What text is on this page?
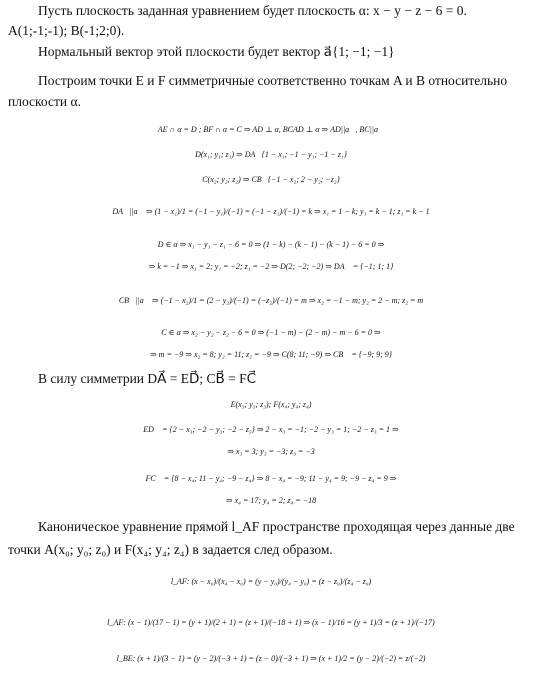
Пусть плоскость заданная уравнением будет плоскость α: x − y − z − 6 = 0.
A(1;-1;-1); B(-1;2;0).
Нормальный вектор этой плоскости будет вектор a⃗{1; −1; −1}
Построим точки E и F симметричные соответственно точкам A и B относительно
плоскости α.
AE ∩ α = D ; BF ∩ α = C ⇒ AD ⊥ α, BCAD ⊥ α ⇒ AD||a⃗, BC||a⃗
D(x₁; y₁; z₁) ⇒ DA⃗{1 − x₁; −1 − y₁; −1 − z₁}
C(x₂; y₂; z₂) ⇒ CB⃗{−1 − x₂; 2 − y₂; −z₂}
DA⃗||a⃗ ⇒ (1 − x₁)/1 = (−1 − y₁)/(−1) = (−1 − z₁)/(−1) = k ⇒ x₁ = 1 − k; y₁ = k − 1; z₁ = k − 1
D ∈ α ⇒ x₁ − y₁ − z₁ − 6 = 0 ⇒ (1 − k) − (k − 1) − (k − 1) − 6 = 0 ⇒
⇒ k = −1 ⇒ x₁ = 2; y₁ = −2; z₁ = −2 ⇒ D(2; −2; −2) ⇒ DA⃗ = {−1; 1; 1}
CB⃗||a⃗ ⇒ (−1 − x₂)/1 = (2 − y₂)/(−1) = (−z₂)/(−1) = m ⇒ x₂ = −1 − m; y₂ = 2 − m; z₂ = m
C ∈ α ⇒ x₂ − y₂ − z₂ − 6 = 0 ⇒ (−1 − m) − (2 − m) − m − 6 = 0 ⇒
⇒ m = −9 ⇒ x₂ = 8; y₂ = 11; z₂ = −9 ⇒ C(8; 11; −9) ⇒ CB⃗ = {−9; 9; 9}
В силу симметрии DA⃗ = ED⃗; CB⃗ = FC⃗
E(x₃; y₃; z₃); F(x₄; y₄; z₄)
ED⃗ = {2 − x₃; −2 − y₃; −2 − z₃} ⇒ 2 − x₃ = −1; −2 − y₃ = 1; −2 − z₃ = 1 ⇒
⇒ x₃ = 3; y₃ = −3; z₃ = −3
FC⃗ = {8 − x₄; 11 − y₄; −9 − z₄} ⇒ 8 − x₄ = −9; 11 − y₄ = 9; −9 − z₄ = 9 ⇒
⇒ x₄ = 17; y₄ = 2; z₄ = −18
Каноническое уравнение прямой l_AF пространстве проходящая через данные две
точки A(x₀; y₀; z₀) и F(x₄; y₄; z₄) в задается след образом.
l_AF: (x − x₀)/(x₄ − x₀) = (y − y₀)/(y₄ − y₀) = (z − z₀)/(z₄ − z₀)
l_AF: (x − 1)/(17 − 1) = (y + 1)/(2 + 1) = (z + 1)/(−18 + 1) ⇒ (x − 1)/16 = (y + 1)/3 = (z + 1)/(−17)
l_BE: (x + 1)/(3 − 1) = (y − 2)/(−3 + 1) = (z − 0)/(−3 + 1) ⇒ (x + 1)/2 = (y − 2)/(−2) = z/(−2)
